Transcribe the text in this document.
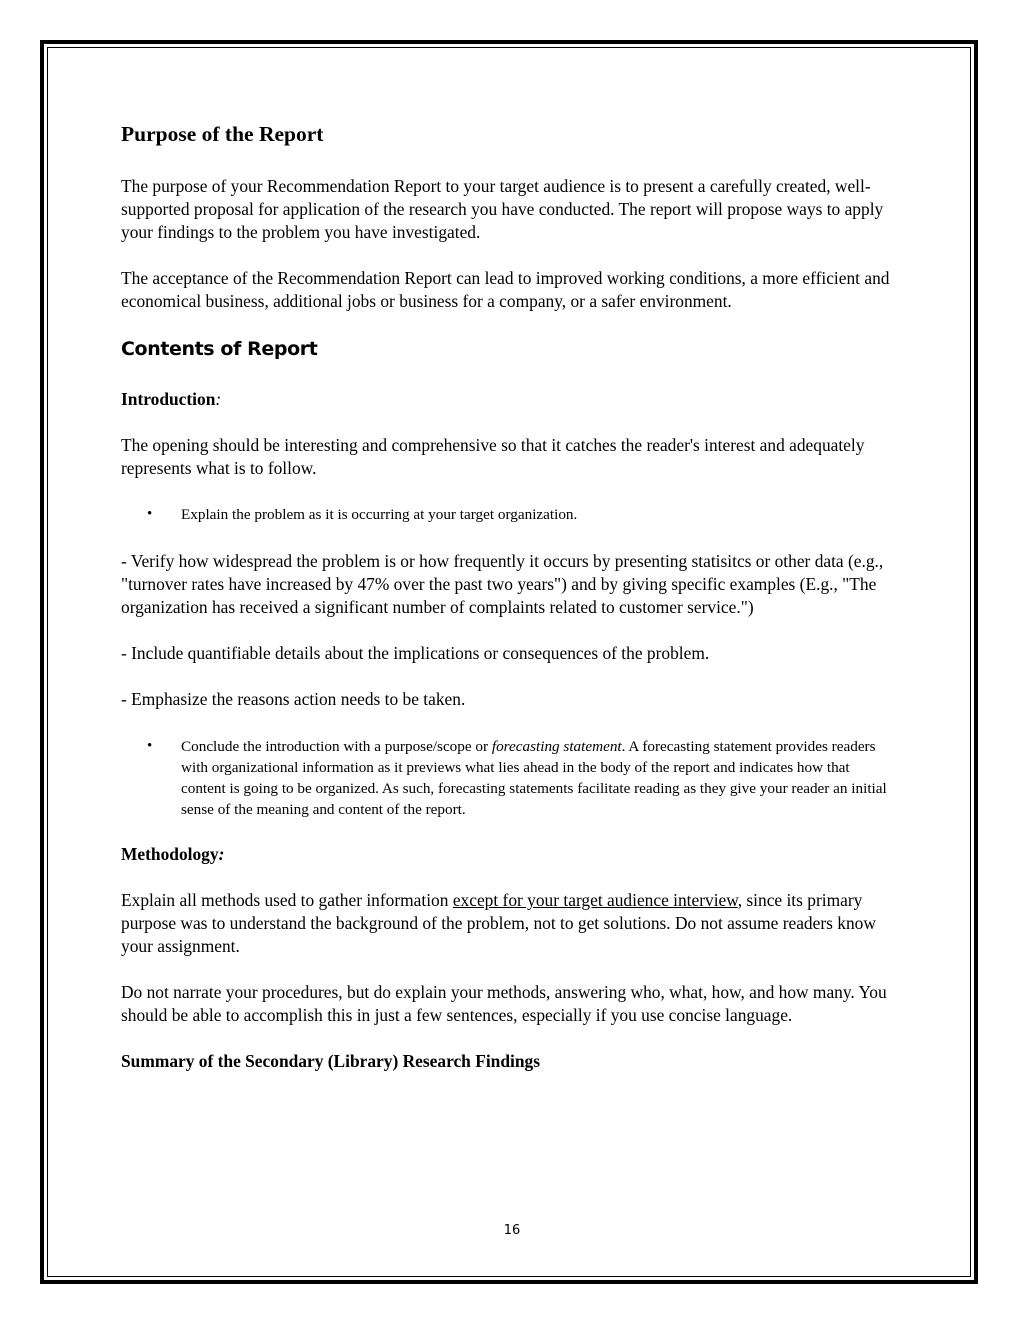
Purpose of the Report

The purpose of your Recommendation Report to your target audience is to present a carefully created, well-supported proposal for application of the research you have conducted. The report will propose ways to apply your findings to the problem you have investigated.

The acceptance of the Recommendation Report can lead to improved working conditions, a more efficient and economical business, additional jobs or business for a company, or a safer environment.

Contents of Report

Introduction:

The opening should be interesting and comprehensive so that it catches the reader's interest and adequately represents what is to follow.

•	Explain the problem as it is occurring at your target organization.

- Verify how widespread the problem is or how frequently it occurs by presenting statisitcs or other data (e.g., "turnover rates have increased by 47% over the past two years") and by giving specific examples (E.g., "The organization has received a significant number of complaints related to customer service.")

- Include quantifiable details about the implications or consequences of the problem.

- Emphasize the reasons action needs to be taken.

•	Conclude the introduction with a purpose/scope or forecasting statement. A forecasting statement provides readers with organizational information as it previews what lies ahead in the body of the report and indicates how that content is going to be organized. As such, forecasting statements facilitate reading as they give your reader an initial sense of the meaning and content of the report.

Methodology:

Explain all methods used to gather information except for your target audience interview, since its primary purpose was to understand the background of the problem, not to get solutions. Do not assume readers know your assignment.

Do not narrate your procedures, but do explain your methods, answering who, what, how, and how many. You should be able to accomplish this in just a few sentences, especially if you use concise language.

Summary of the Secondary (Library) Research Findings

16
